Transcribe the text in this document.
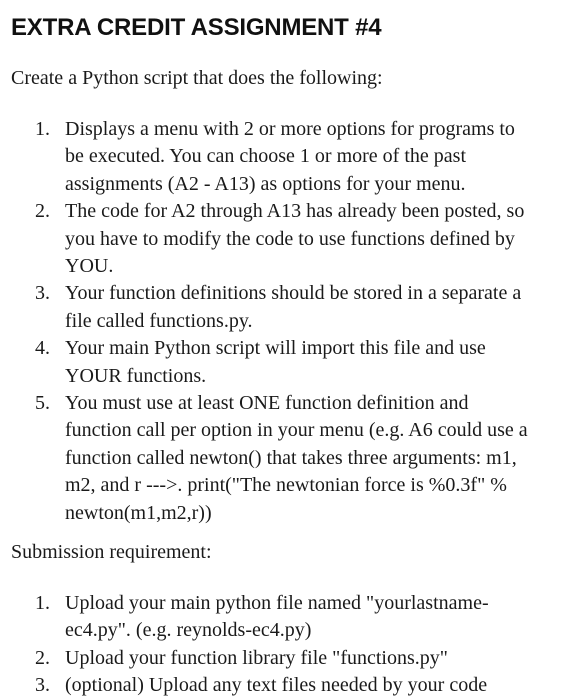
EXTRA CREDIT ASSIGNMENT #4

Create a Python script that does the following:

1. Displays a menu with 2 or more options for programs to
be executed. You can choose 1 or more of the past
assignments (A2 - A13) as options for your menu.
2. The code for A2 through A13 has already been posted, so
you have to modify the code to use functions defined by
YOU.
3. Your function definitions should be stored in a separate a
file called functions.py.
4. Your main Python script will import this file and use
YOUR functions.
5. You must use at least ONE function definition and
function call per option in your menu (e.g. A6 could use a
function called newton() that takes three arguments: m1,
m2, and r --->. print("The newtonian force is %0.3f" %
newton(m1,m2,r))

Submission requirement:

1. Upload your main python file named "yourlastname-
ec4.py". (e.g. reynolds-ec4.py)
2. Upload your function library file "functions.py"
3. (optional) Upload any text files needed by your code
